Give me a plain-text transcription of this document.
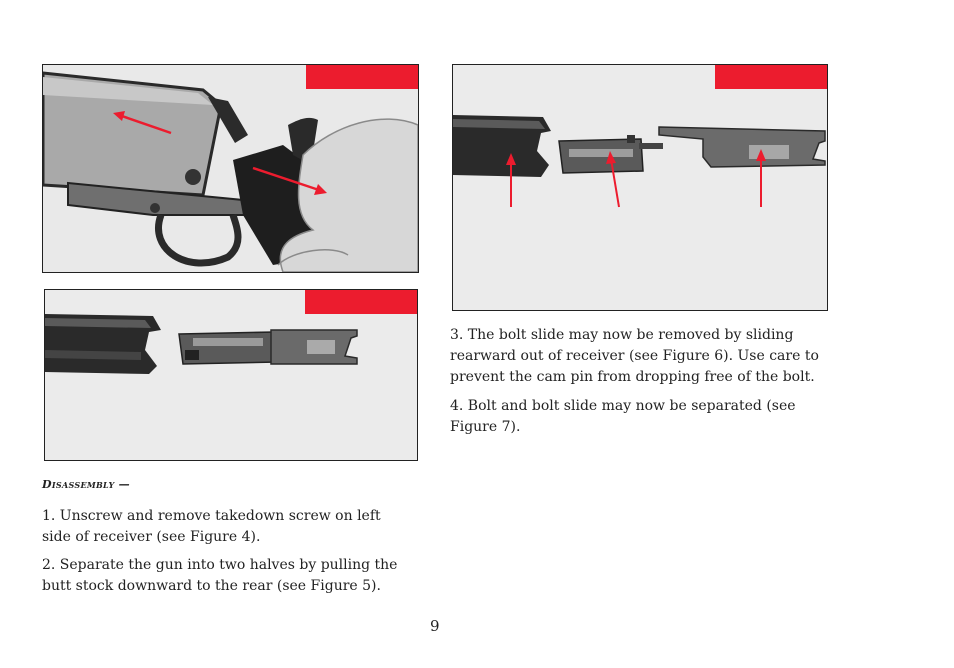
Disassembly —

1. Unscrew and remove takedown screw on left side of receiver (see Figure 4).

2. Separate the gun into two halves by pulling the butt stock downward to the rear (see Figure 5).

3. The bolt slide may now be removed by sliding rearward out of receiver (see Figure 6). Use care to prevent the cam pin from dropping free of the bolt.

4. Bolt and bolt slide may now be separated (see Figure 7).

9
